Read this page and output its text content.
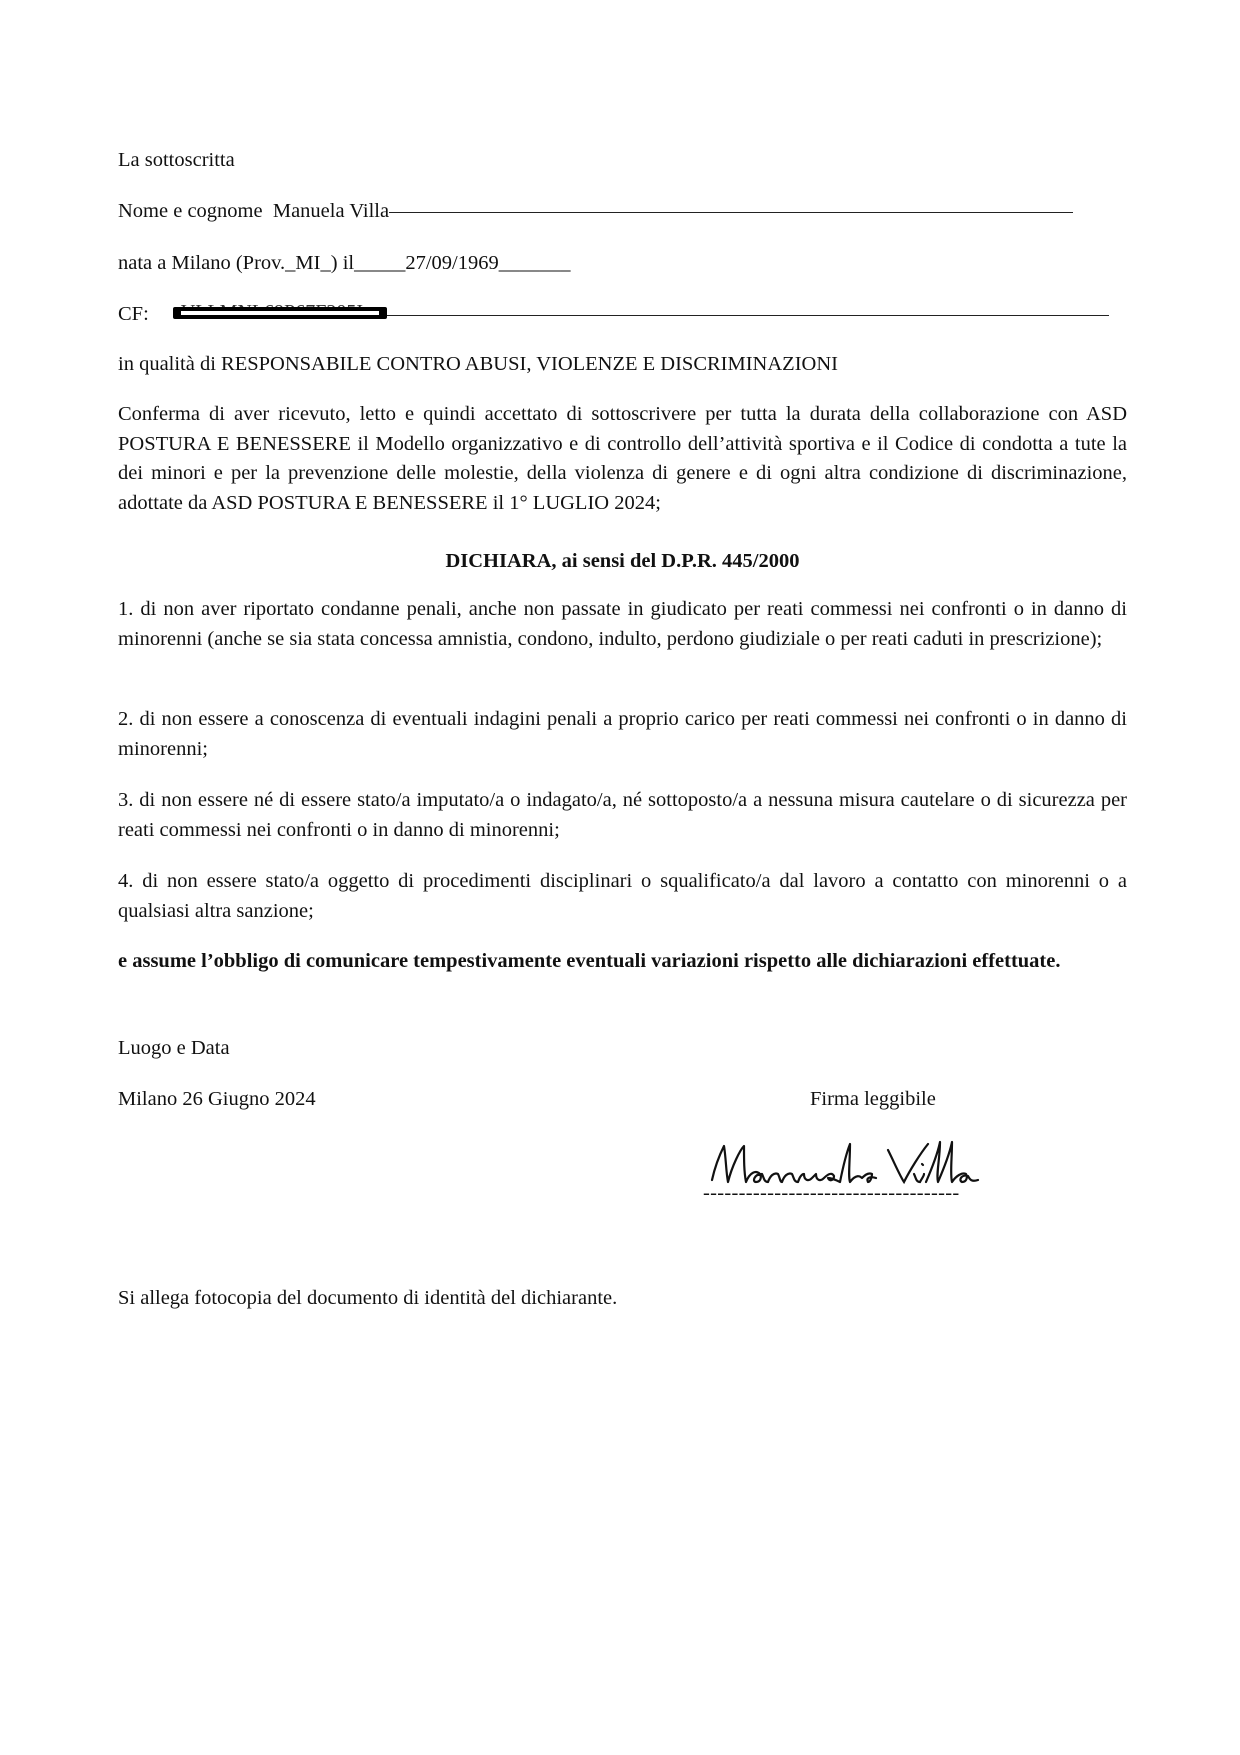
La sottoscritta
Nome e cognome Manuela Villa
nata a Milano (Prov._MI_) il_____27/09/1969_______
CF:
in qualità di RESPONSABILE CONTRO ABUSI, VIOLENZE E DISCRIMINAZIONI
Conferma di aver ricevuto, letto e quindi accettato di sottoscrivere per tutta la durata della collaborazione con ASD POSTURA E BENESSERE il Modello organizzativo e di controllo dell’attività sportiva e il Codice di condotta a tute la dei minori e per la prevenzione delle molestie, della violenza di genere e di ogni altra condizione di discriminazione, adottate da ASD POSTURA E BENESSERE il 1° LUGLIO 2024;
DICHIARA, ai sensi del D.P.R. 445/2000
1. di non aver riportato condanne penali, anche non passate in giudicato per reati commessi nei confronti o in danno di minorenni (anche se sia stata concessa amnistia, condono, indulto, perdono giudiziale o per reati caduti in prescrizione);
2. di non essere a conoscenza di eventuali indagini penali a proprio carico per reati commessi nei confronti o in danno di minorenni;
3. di non essere né di essere stato/a imputato/a o indagato/a, né sottoposto/a a nessuna misura cautelare o di sicurezza per reati commessi nei confronti o in danno di minorenni;
4. di non essere stato/a oggetto di procedimenti disciplinari o squalificato/a dal lavoro a contatto con minorenni o a qualsiasi altra sanzione;
e assume l’obbligo di comunicare tempestivamente eventuali variazioni rispetto alle dichiarazioni effettuate.
Luogo e Data
Milano 26 Giugno 2024	Firma leggibile
------------------------------------
Si allega fotocopia del documento di identità del dichiarante.
